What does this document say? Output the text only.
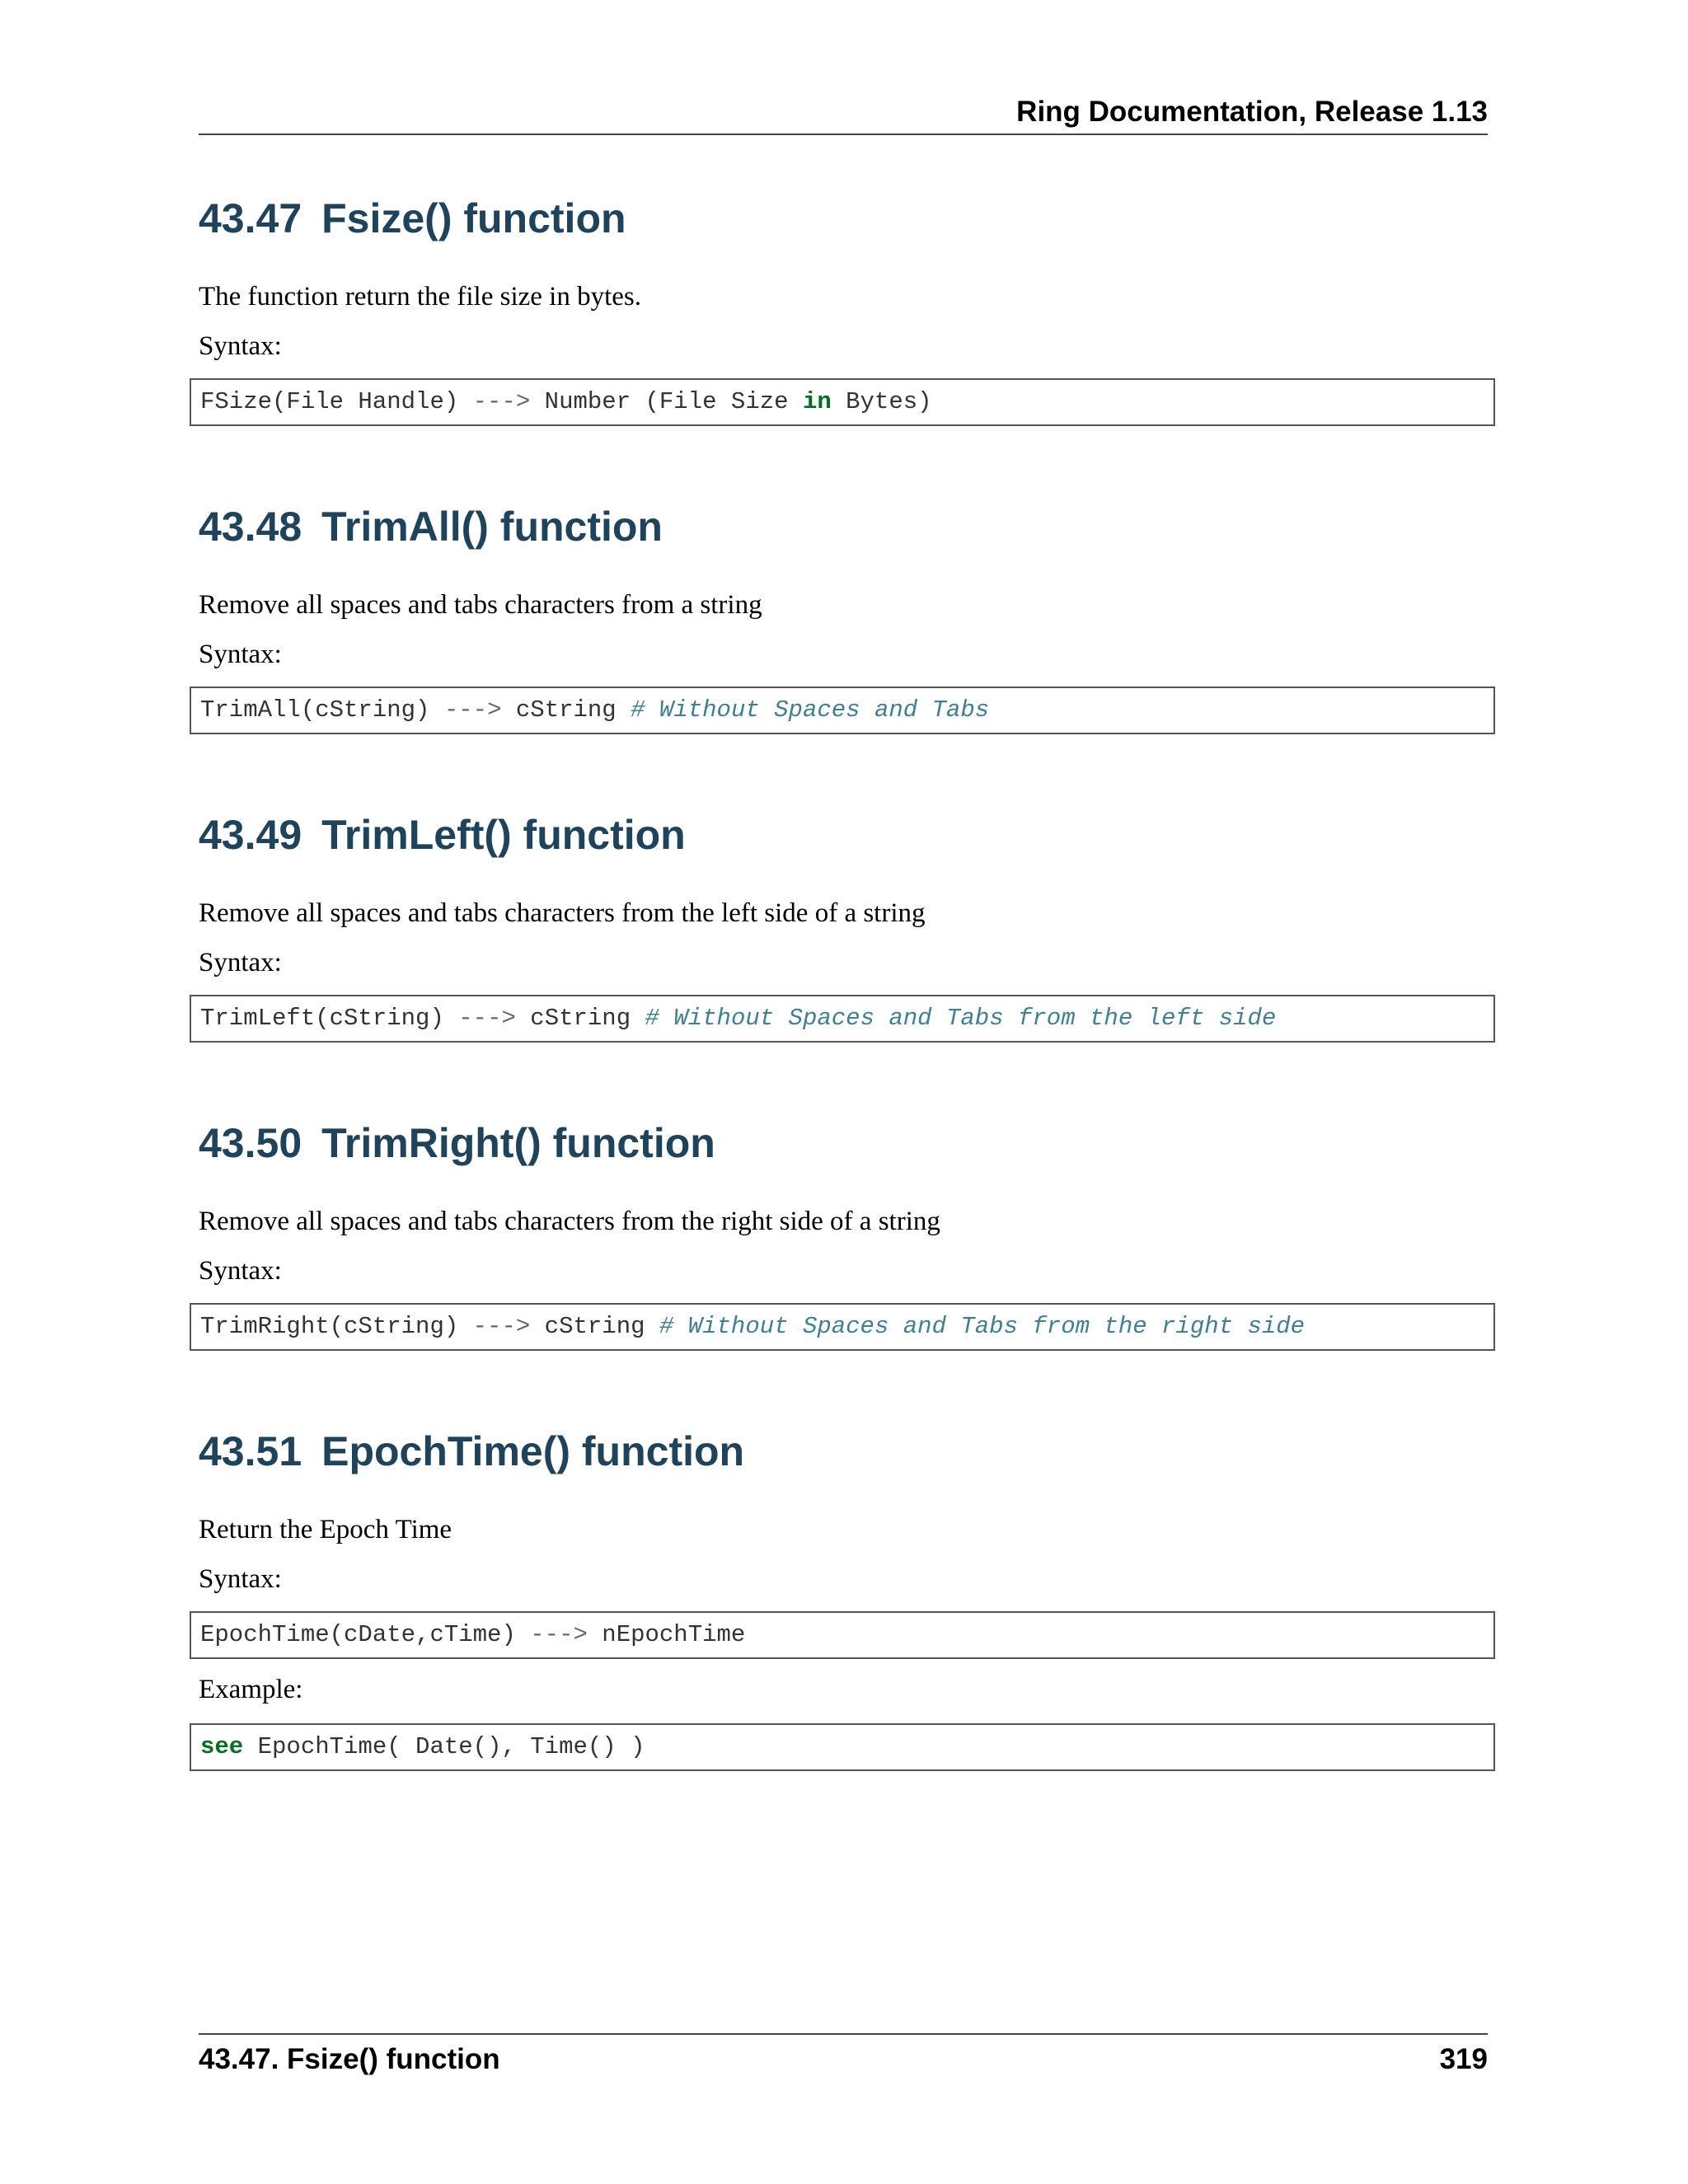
Ring Documentation, Release 1.13
43.47 Fsize() function

The function return the file size in bytes.

Syntax:

FSize(File Handle) ---> Number (File Size in Bytes)
43.48 TrimAll() function

Remove all spaces and tabs characters from a string

Syntax:

TrimAll(cString) ---> cString # Without Spaces and Tabs
43.49 TrimLeft() function

Remove all spaces and tabs characters from the left side of a string

Syntax:

TrimLeft(cString) ---> cString # Without Spaces and Tabs from the left side
43.50 TrimRight() function

Remove all spaces and tabs characters from the right side of a string

Syntax:

TrimRight(cString) ---> cString # Without Spaces and Tabs from the right side
43.51 EpochTime() function

Return the Epoch Time

Syntax:

EpochTime(cDate,cTime) ---> nEpochTime

Example:

see EpochTime( Date(), Time() )
43.47. Fsize() function	319
